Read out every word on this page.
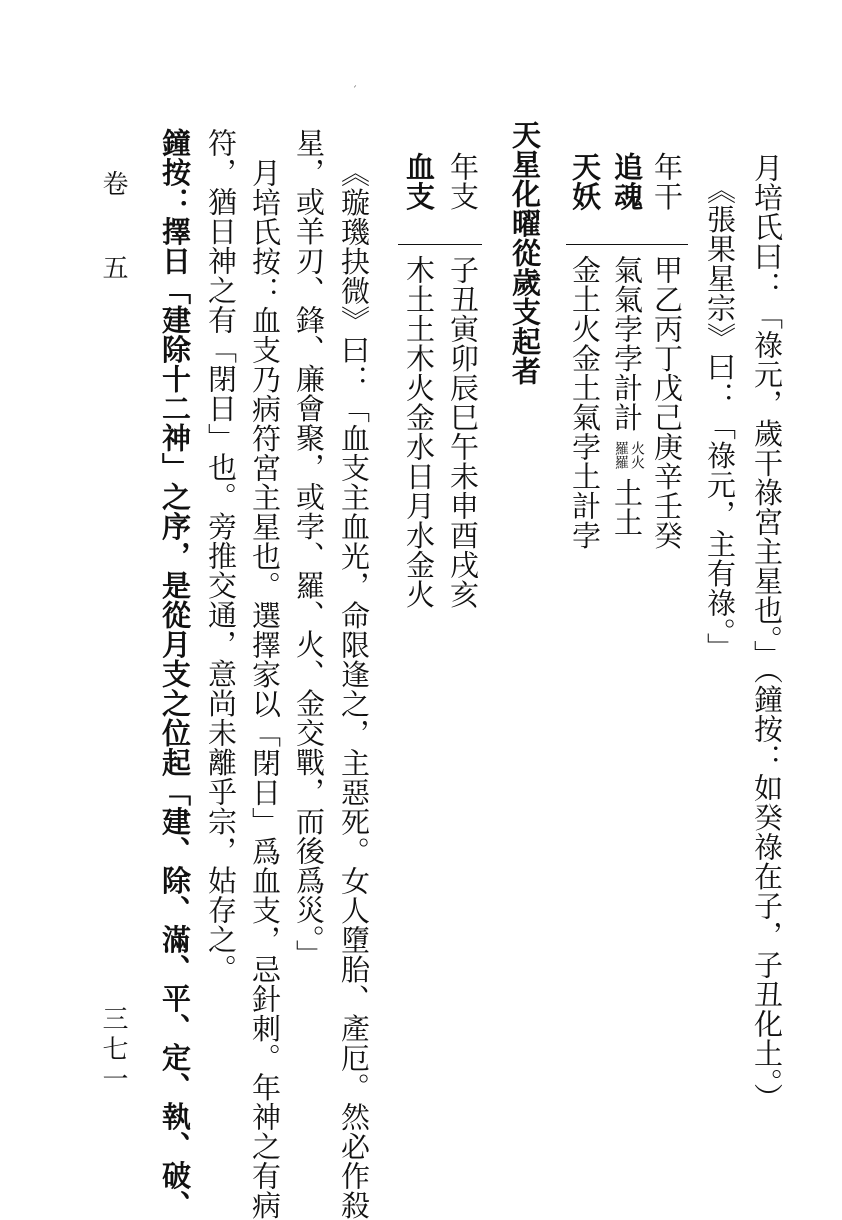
月培氏曰：「祿元，歲干祿宮主星也。」（鐘按：如癸祿在子，子丑化土。）
《張果星宗》曰：「祿元，主有祿。」
年干
甲乙丙丁戊己庚辛壬癸
追魂
氣氣孛孛計計
火火
羅羅
土土
天妖
金土火金土氣孛土計孛
天星化曜從歲支起者
年支
子丑寅卯辰巳午未申酉戌亥
血支
木土土木火金水日月水金火
《璇璣抉微》曰：「血支主血光，命限逢之，主惡死。女人墮胎、產厄。然必作殺
星，或羊刃、鋒、廉會聚，或孛、羅、火、金交戰，而後爲災。」
月培氏按：血支乃病符宮主星也。選擇家以「閉日」爲血支，忌針刺。年神之有病
符，猶日神之有「閉日」也。旁推交通，意尚未離乎宗，姑存之。
鐘按：擇日「建除十二神」之序，是從月支之位起「建、除、滿、平、定、執、破、
卷 五
三七一
ˊ
